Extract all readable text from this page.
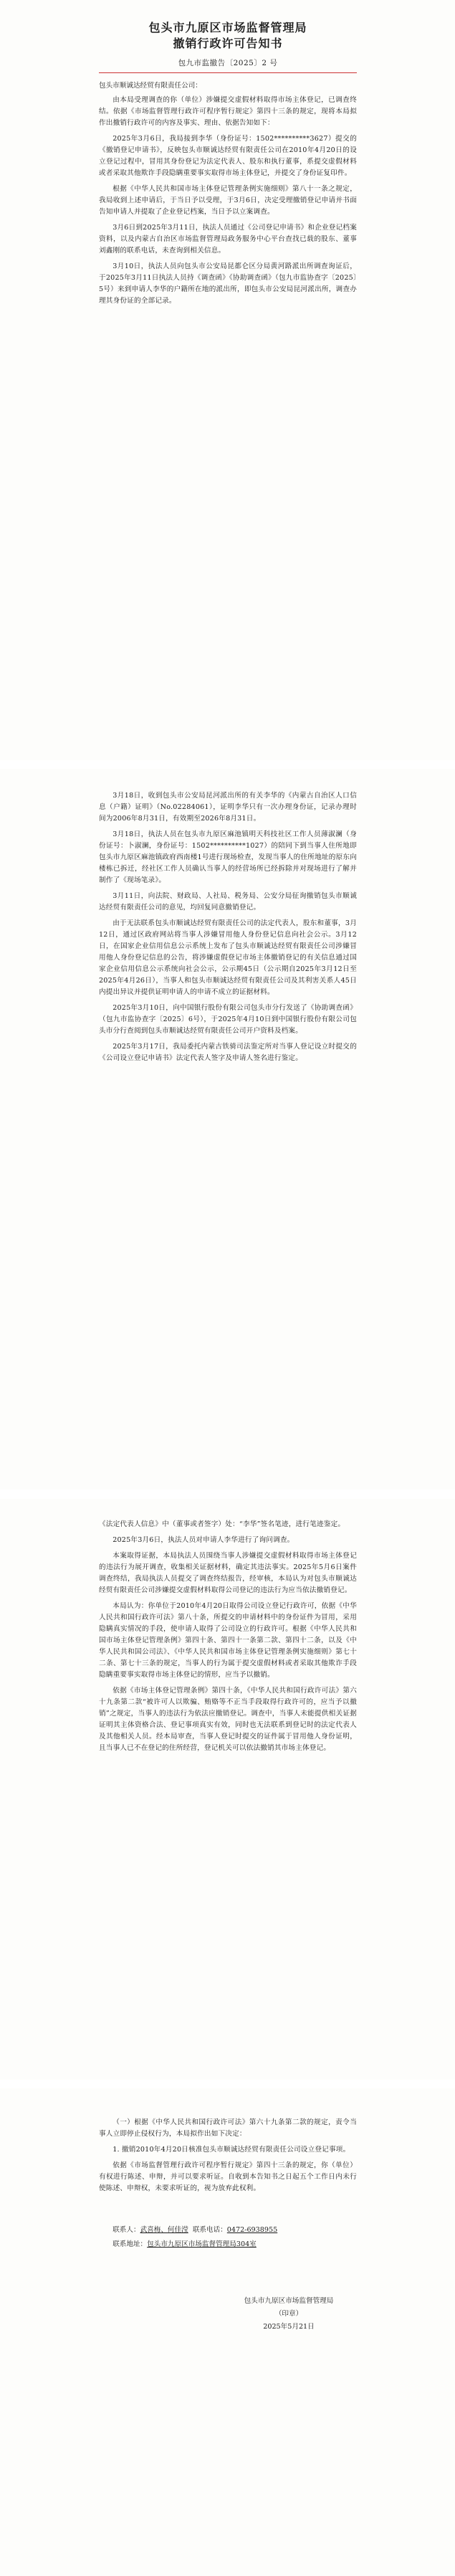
包头市九原区市场监督管理局
撤销行政许可告知书
包九市监撤告〔2025〕2 号
包头市顺诚达经贸有限责任公司：

由本局受理调查的你（单位）涉嫌提交虚假材料取得市场主体登记，已调查终结。依据《市场监督管理行政许可程序暂行规定》第四十三条的规定，现将本局拟作出撤销行政许可的内容及事实、理由、依据告知如下：

2025年3月6日，我局接到李华（身份证号：1502**********3627）提交的《撤销登记申请书》，反映包头市顺诚达经贸有限责任公司在2010年4月20日的设立登记过程中，冒用其身份登记为法定代表人、股东和执行董事，系提交虚假材料或者采取其他欺诈手段隐瞒重要事实取得市场主体登记，并提交了身份证复印件。

根据《中华人民共和国市场主体登记管理条例实施细则》第八十一条之规定，我局收到上述申请后，于当日予以受理，于3月6日，决定受理撤销登记申请并书面告知申请人并提取了企业登记档案，当日予以立案调查。

3月6日到2025年3月11日，执法人员通过《公司登记申请书》和企业登记档案资料，以及内蒙古自治区市场监督管理局政务服务中心平台查找已载的股东、董事刘鑫刚的联系电话，未查询到相关信息。

3月10日，执法人员向包头市公安局昆都仑区分局黄河路派出所调查询证后，于2025年3月11日执法人员持《调查函》《协助调查函》（包九市监协查字〔2025〕5号）来到申请人李华的户籍所在地的派出所，即包头市公安局昆河派出所，调查办理其身份证的全部记录。

3月18日，收到包头市公安局昆河派出所的有关李华的《内蒙古自治区人口信息（户籍）证明》（No.02284061），证明李华只有一次办理身份证，记录办理时间为2006年8月31日，有效期至2026年8月31日。

3月18日，执法人员在包头市九原区麻池镇明天科技社区工作人员薄淑澜（身份证号：卜淑澜，身份证号：1502**********1027）的陪同下到当事人住所地即包头市九原区麻池镇政府西南楼1号进行现场检查，发现当事人的住所地址的原东向楼栋已拆迁，经社区工作人员确认当事人的经营场所已经拆除并对现场进行了解并制作了《现场笔录》。

3月11日，向法院、财政局、人社局、税务局、公安分局征询撤销包头市顺诚达经贸有限责任公司的意见，均回复同意撤销登记。

由于无法联系包头市顺诚达经贸有限责任公司的法定代表人，股东和董事，3月12日，通过区政府网站将当事人涉嫌冒用他人身份登记信息向社会公示。3月12日，在国家企业信用信息公示系统上发布了包头市顺诚达经贸有限责任公司涉嫌冒用他人身份登记信息的公告，将涉嫌虚假登记市场主体撤销登记的有关信息通过国家企业信用信息公示系统向社会公示，公示期45日（公示期自2025年3月12日至2025年4月26日），当事人和包头市顺诚达经贸有限责任公司及其利害关系人45日内提出异议并提供证明申请人的申请不成立的证据材料。

2025年3月10日，向中国银行股份有限公司包头市分行发送了《协助调查函》（包九市监协查字〔2025〕6号），于2025年4月10日到中国银行股份有限公司包头市分行查阅到包头市顺诚达经贸有限责任公司开户资料及档案。

2025年3月17日，我局委托内蒙古铁骑司法鉴定所对当事人登记设立时提交的《公司设立登记申请书》法定代表人签字及申请人签名进行鉴定。

《法定代表人信息》中（董事或者签字）处：“李华”签名笔迹，进行笔迹鉴定。

2025年3月6日，执法人员对申请人李华进行了询问调查。

本案取得证据，本局执法人员围绕当事人涉嫌提交虚假材料取得市场主体登记的违法行为展开调查，收集相关证据材料，确定其违法事实。2025年5月6日案件调查终结，我局执法人员提交了调查终结报告，经审核，本局认为对包头市顺诚达经贸有限责任公司涉嫌提交虚假材料取得公司登记的违法行为应当依法撤销登记。

本局认为：你单位于2010年4月20日取得公司设立登记行政许可，依据《中华人民共和国行政许可法》第八十条，所提交的申请材料中的身份证件为冒用，采用隐瞒真实情况的手段，使申请人取得了公司设立的行政许可。根据《中华人民共和国市场主体登记管理条例》第四十条、第四十一条第二款、第四十二条，以及《中华人民共和国公司法》、《中华人民共和国市场主体登记管理条例实施细则》第七十二条、第七十三条的规定，当事人的行为属于提交虚假材料或者采取其他欺诈手段隐瞒重要事实取得市场主体登记的情形，应当予以撤销。

依据《市场主体登记管理条例》第四十条，《中华人民共和国行政许可法》第六十九条第二款“被许可人以欺骗、贿赂等不正当手段取得行政许可的，应当予以撤销”之规定，当事人的违法行为依法应撤销登记。调查中，当事人未能提供相关证据证明其主体资格合法、登记事项真实有效，同时也无法联系到登记时的法定代表人及其他相关人员。经本局审查，当事人登记时提交的证件属于冒用他人身份证明，且当事人已不在登记的住所经营，登记机关可以依法撤销其市场主体登记。

（一）根据《中华人民共和国行政许可法》第六十九条第二款的规定，责令当事人立即停止侵权行为，本局拟作出如下决定：

1. 撤销2010年4月20日核准包头市顺诚达经贸有限责任公司设立登记事项。

依据《市场监督管理行政许可程序暂行规定》第四十三条的规定，你（单位）有权进行陈述、申辩，并可以要求听证。自收到本告知书之日起五个工作日内未行使陈述、申辩权，未要求听证的，视为放弃此权利。

联系人：武喜梅、何佳滢 联系电话：0472-6938955
联系地址：包头市九原区市场监督管理局304室
包头市九原区市场监督管理局
（印章）
2025年5月21日
